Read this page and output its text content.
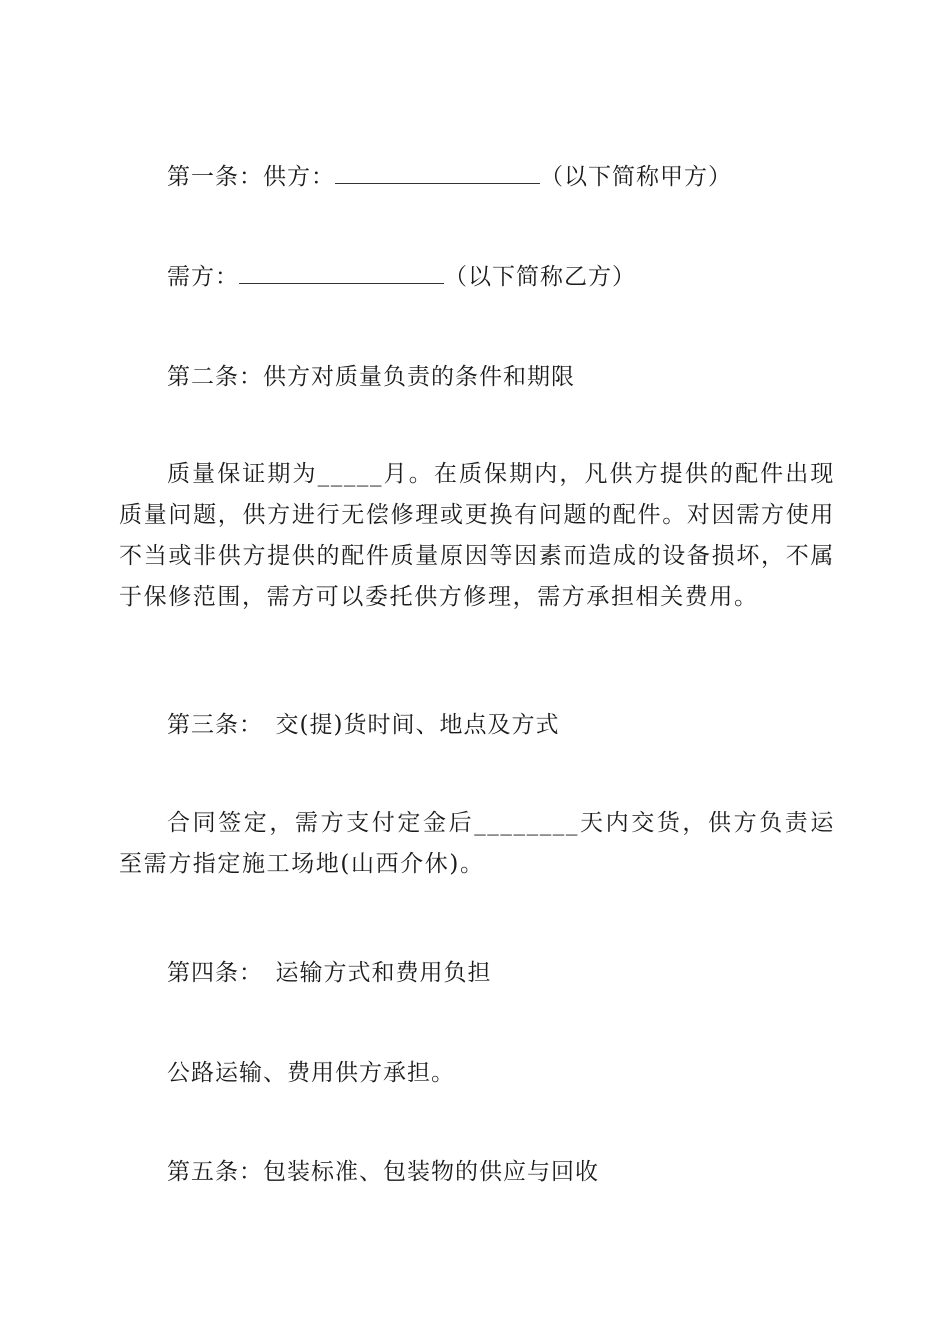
第一条：供方：	（以下简称甲方）
需方：	（以下简称乙方）
第二条：供方对质量负责的条件和期限
质量保证期为_____月。在质保期内，凡供方提供的配件出现质量问题，供方进行无偿修理或更换有问题的配件。对因需方使用不当或非供方提供的配件质量原因等因素而造成的设备损坏，不属于保修范围，需方可以委托供方修理，需方承担相关费用。
第三条：　交(提)货时间、地点及方式
合同签定，需方支付定金后________天内交货，供方负责运至需方指定施工场地(山西介休)。
第四条：　运输方式和费用负担
公路运输、费用供方承担。
第五条：包装标准、包装物的供应与回收
